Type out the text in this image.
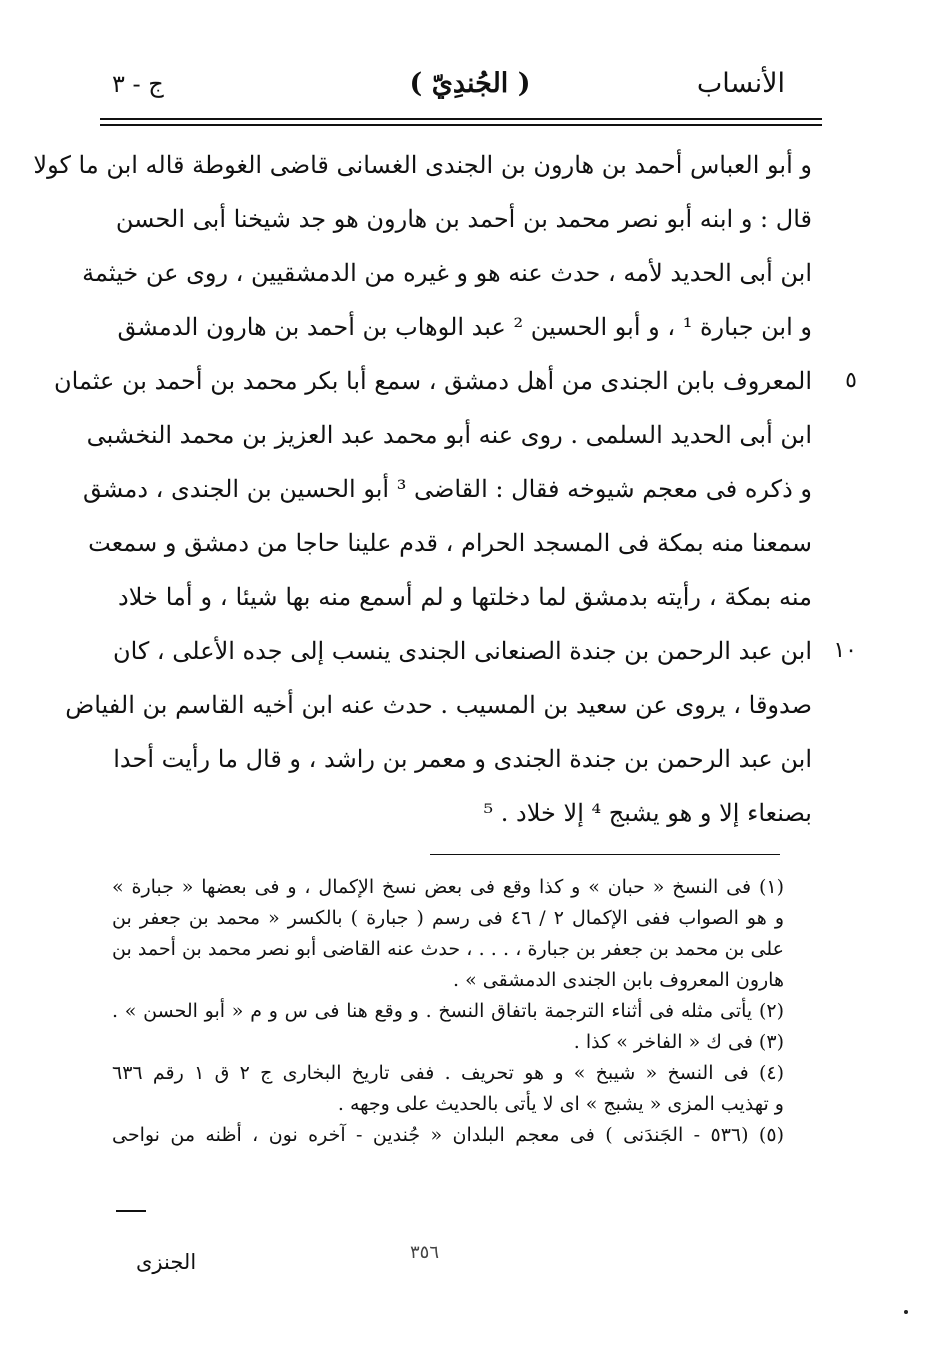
الأنساب
( الجُندِيّ )
ج - ٣
و أبو العباس أحمد بن هارون بن الجندى الغسانى قاضى الغوطة قاله ابن ما كولا
قال : و ابنه أبو نصر محمد بن أحمد بن هارون هو جد شيخنا أبى الحسن
ابن أبى الحديد لأمه ، حدث عنه هو و غيره من الدمشقيين ، روى عن خيثمة
و ابن جبارة ¹ ، و أبو الحسين ² عبد الوهاب بن أحمد بن هارون الدمشق
المعروف بابن الجندى من أهل دمشق ، سمع أبا بكر محمد بن أحمد بن عثمان
ابن أبى الحديد السلمى . روى عنه أبو محمد عبد العزيز بن محمد النخشبى
و ذكره فى معجم شيوخه فقال : القاضى ³ أبو الحسين بن الجندى ، دمشق
سمعنا منه بمكة فى المسجد الحرام ، قدم علينا حاجا من دمشق و سمعت
منه بمكة ، رأيته بدمشق لما دخلتها و لم أسمع منه بها شيئا ، و أما خلاد
ابن عبد الرحمن بن جندة الصنعانى الجندى ينسب إلى جده الأعلى ، كان
صدوقا ، يروى عن سعيد بن المسيب . حدث عنه ابن أخيه القاسم بن الفياض
ابن عبد الرحمن بن جندة الجندى و معمر بن راشد ، و قال ما رأيت أحدا
بصنعاء إلا و هو يشبج ⁴ إلا خلاد . ⁵
٥
١٠
(١) فى النسخ « حبان » و كذا وقع فى بعض نسخ الإكمال ، و فى بعضها « جبارة »
و هو الصواب ففى الإكمال ٢ / ٤٦ فى رسم ( جبارة ) بالكسر « محمد بن جعفر بن
على بن محمد بن جعفر بن جبارة ، . . . ، حدث عنه القاضى أبو نصر محمد بن أحمد بن
هارون المعروف بابن الجندى الدمشقى » .
(٢) يأتى مثله فى أثناء الترجمة باتفاق النسخ . و وقع هنا فى س و م « أبو الحسن » .
(٣) فى ك « الفاخر » كذا .
(٤) فى النسخ « شيبخ » و هو تحريف . ففى تاريخ البخارى ج ٢ ق ١ رقم ٦٣٦
و تهذيب المزى « يشبج » اى لا يأتى بالحديث على وجهه .
(٥) (٥٣٦ - الجَندَنى ) فى معجم البلدان « جُندين - آخره نون ، أظنه من نواحى
٣٥٦
الجنزى
